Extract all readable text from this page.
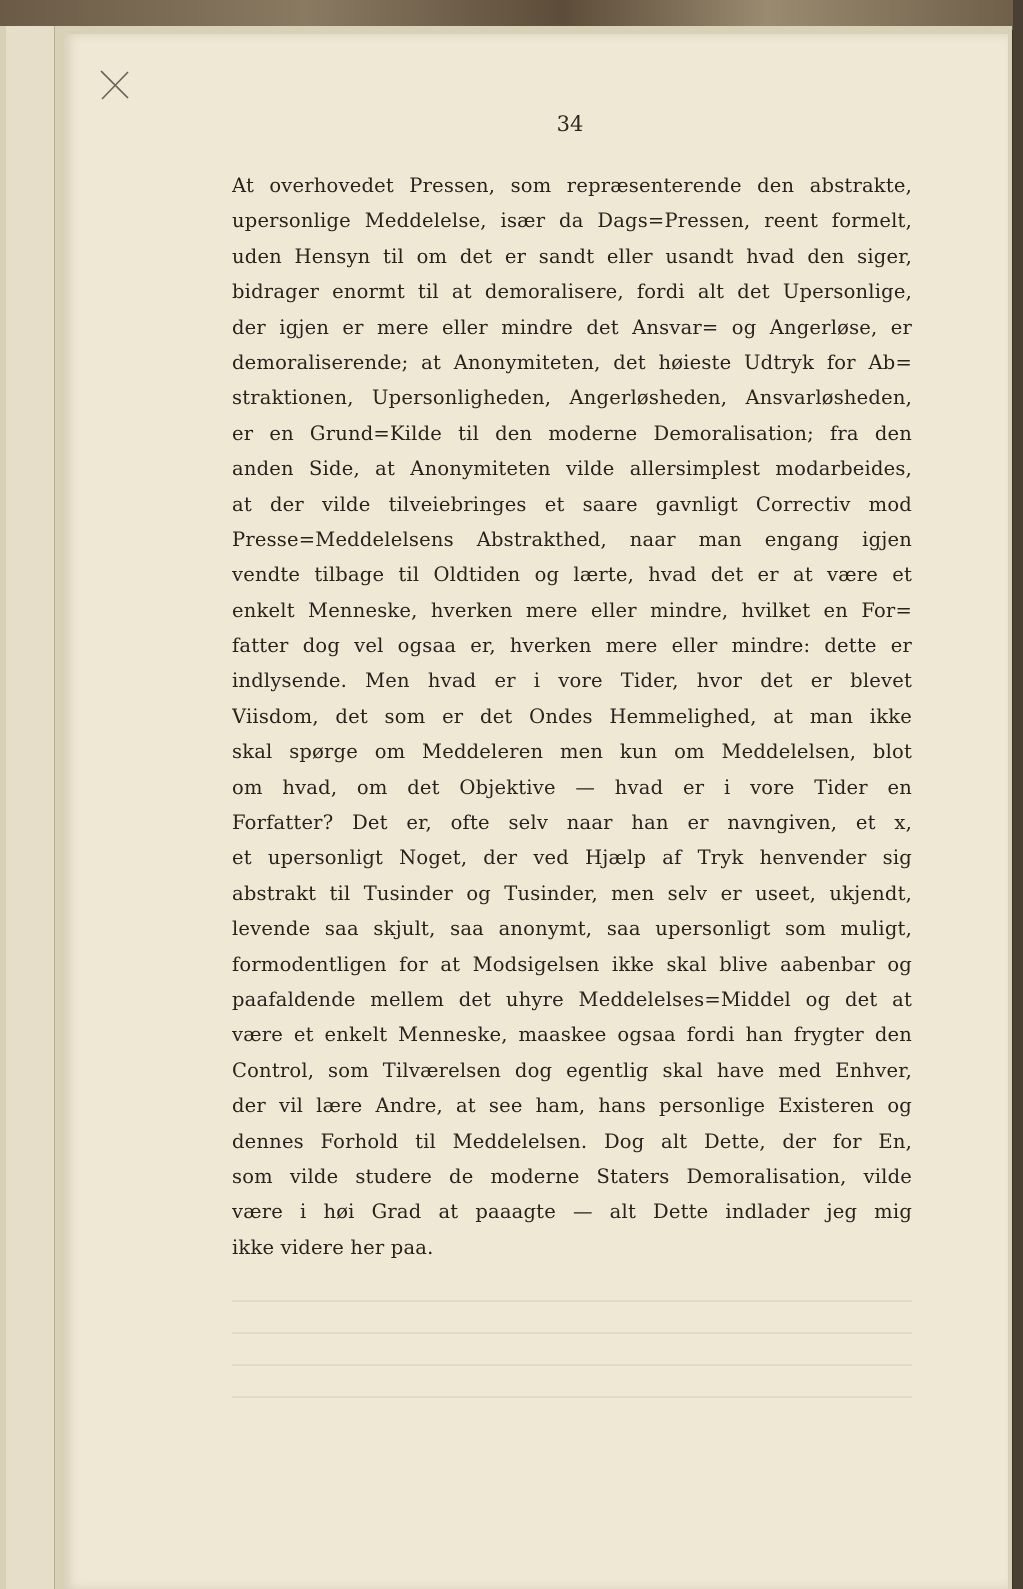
34
At overhovedet Pressen, som repræsenterende den abstrakte,
upersonlige Meddelelse, især da Dags=Pressen, reent formelt,
uden Hensyn til om det er sandt eller usandt hvad den siger,
bidrager enormt til at demoralisere, fordi alt det Upersonlige,
der igjen er mere eller mindre det Ansvar= og Angerløse, er
demoraliserende; at Anonymiteten, det høieste Udtryk for Ab=
straktionen, Upersonligheden, Angerløsheden, Ansvarløsheden,
er en Grund=Kilde til den moderne Demoralisation; fra den
anden Side, at Anonymiteten vilde allersimplest modarbeides,
at der vilde tilveiebringes et saare gavnligt Correctiv mod
Presse=Meddelelsens Abstrakthed, naar man engang igjen
vendte tilbage til Oldtiden og lærte, hvad det er at være et
enkelt Menneske, hverken mere eller mindre, hvilket en For=
fatter dog vel ogsaa er, hverken mere eller mindre: dette er
indlysende. Men hvad er i vore Tider, hvor det er blevet
Viisdom, det som er det Ondes Hemmelighed, at man ikke
skal spørge om Meddeleren men kun om Meddelelsen, blot
om hvad, om det Objektive — hvad er i vore Tider en
Forfatter? Det er, ofte selv naar han er navngiven, et x,
et upersonligt Noget, der ved Hjælp af Tryk henvender sig
abstrakt til Tusinder og Tusinder, men selv er useet, ukjendt,
levende saa skjult, saa anonymt, saa upersonligt som muligt,
formodentligen for at Modsigelsen ikke skal blive aabenbar og
paafaldende mellem det uhyre Meddelelses=Middel og det at
være et enkelt Menneske, maaskee ogsaa fordi han frygter den
Control, som Tilværelsen dog egentlig skal have med Enhver,
der vil lære Andre, at see ham, hans personlige Existeren og
dennes Forhold til Meddelelsen. Dog alt Dette, der for En,
som vilde studere de moderne Staters Demoralisation, vilde
være i høi Grad at paaagte — alt Dette indlader jeg mig
ikke videre her paa.
